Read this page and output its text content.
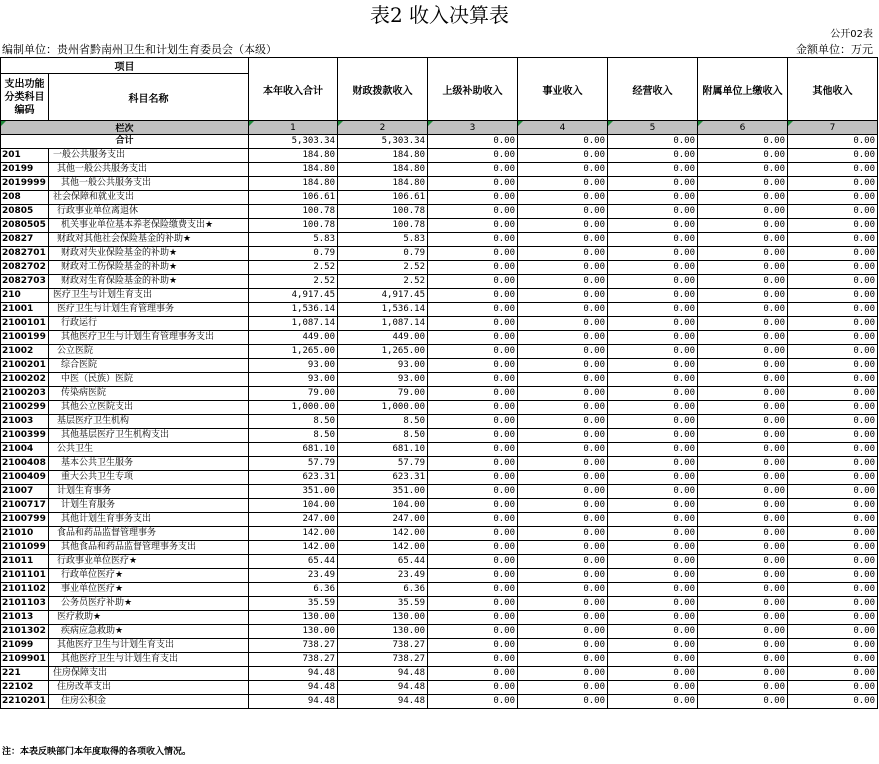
表2 收入决算表
公开02表
编制单位：贵州省黔南州卫生和计划生育委员会（本级）	金额单位：万元
项目		本年收入合计	财政拨款收入	上级补助收入	事业收入	经营收入	附属单位上缴收入	其他收入
支出功能分类科目编码	科目名称							

栏次		1	2	3	4	5	6	7
合计		5,303.34	5,303.34	0.00	0.00	0.00	0.00	0.00
201	一般公共服务支出	184.80	184.80	0.00	0.00	0.00	0.00	0.00
20199	其他一般公共服务支出	184.80	184.80	0.00	0.00	0.00	0.00	0.00
2019999	其他一般公共服务支出	184.80	184.80	0.00	0.00	0.00	0.00	0.00
208	社会保障和就业支出	106.61	106.61	0.00	0.00	0.00	0.00	0.00
20805	行政事业单位离退休	100.78	100.78	0.00	0.00	0.00	0.00	0.00
2080505	机关事业单位基本养老保险缴费支出★	100.78	100.78	0.00	0.00	0.00	0.00	0.00
20827	财政对其他社会保险基金的补助★	5.83	5.83	0.00	0.00	0.00	0.00	0.00
2082701	财政对失业保险基金的补助★	0.79	0.79	0.00	0.00	0.00	0.00	0.00
2082702	财政对工伤保险基金的补助★	2.52	2.52	0.00	0.00	0.00	0.00	0.00
2082703	财政对生育保险基金的补助★	2.52	2.52	0.00	0.00	0.00	0.00	0.00
210	医疗卫生与计划生育支出	4,917.45	4,917.45	0.00	0.00	0.00	0.00	0.00
21001	医疗卫生与计划生育管理事务	1,536.14	1,536.14	0.00	0.00	0.00	0.00	0.00
2100101	行政运行	1,087.14	1,087.14	0.00	0.00	0.00	0.00	0.00
2100199	其他医疗卫生与计划生育管理事务支出	449.00	449.00	0.00	0.00	0.00	0.00	0.00
21002	公立医院	1,265.00	1,265.00	0.00	0.00	0.00	0.00	0.00
2100201	综合医院	93.00	93.00	0.00	0.00	0.00	0.00	0.00
2100202	中医（民族）医院	93.00	93.00	0.00	0.00	0.00	0.00	0.00
2100203	传染病医院	79.00	79.00	0.00	0.00	0.00	0.00	0.00
2100299	其他公立医院支出	1,000.00	1,000.00	0.00	0.00	0.00	0.00	0.00
21003	基层医疗卫生机构	8.50	8.50	0.00	0.00	0.00	0.00	0.00
2100399	其他基层医疗卫生机构支出	8.50	8.50	0.00	0.00	0.00	0.00	0.00
21004	公共卫生	681.10	681.10	0.00	0.00	0.00	0.00	0.00
2100408	基本公共卫生服务	57.79	57.79	0.00	0.00	0.00	0.00	0.00
2100409	重大公共卫生专项	623.31	623.31	0.00	0.00	0.00	0.00	0.00
21007	计划生育事务	351.00	351.00	0.00	0.00	0.00	0.00	0.00
2100717	计划生育服务	104.00	104.00	0.00	0.00	0.00	0.00	0.00
2100799	其他计划生育事务支出	247.00	247.00	0.00	0.00	0.00	0.00	0.00
21010	食品和药品监督管理事务	142.00	142.00	0.00	0.00	0.00	0.00	0.00
2101099	其他食品和药品监督管理事务支出	142.00	142.00	0.00	0.00	0.00	0.00	0.00
21011	行政事业单位医疗★	65.44	65.44	0.00	0.00	0.00	0.00	0.00
2101101	行政单位医疗★	23.49	23.49	0.00	0.00	0.00	0.00	0.00
2101102	事业单位医疗★	6.36	6.36	0.00	0.00	0.00	0.00	0.00
2101103	公务员医疗补助★	35.59	35.59	0.00	0.00	0.00	0.00	0.00
21013	医疗救助★	130.00	130.00	0.00	0.00	0.00	0.00	0.00
2101302	疾病应急救助★	130.00	130.00	0.00	0.00	0.00	0.00	0.00
21099	其他医疗卫生与计划生育支出	738.27	738.27	0.00	0.00	0.00	0.00	0.00
2109901	其他医疗卫生与计划生育支出	738.27	738.27	0.00	0.00	0.00	0.00	0.00
221	住房保障支出	94.48	94.48	0.00	0.00	0.00	0.00	0.00
22102	住房改革支出	94.48	94.48	0.00	0.00	0.00	0.00	0.00
2210201	住房公积金	94.48	94.48	0.00	0.00	0.00	0.00	0.00
注：本表反映部门本年度取得的各项收入情况。
